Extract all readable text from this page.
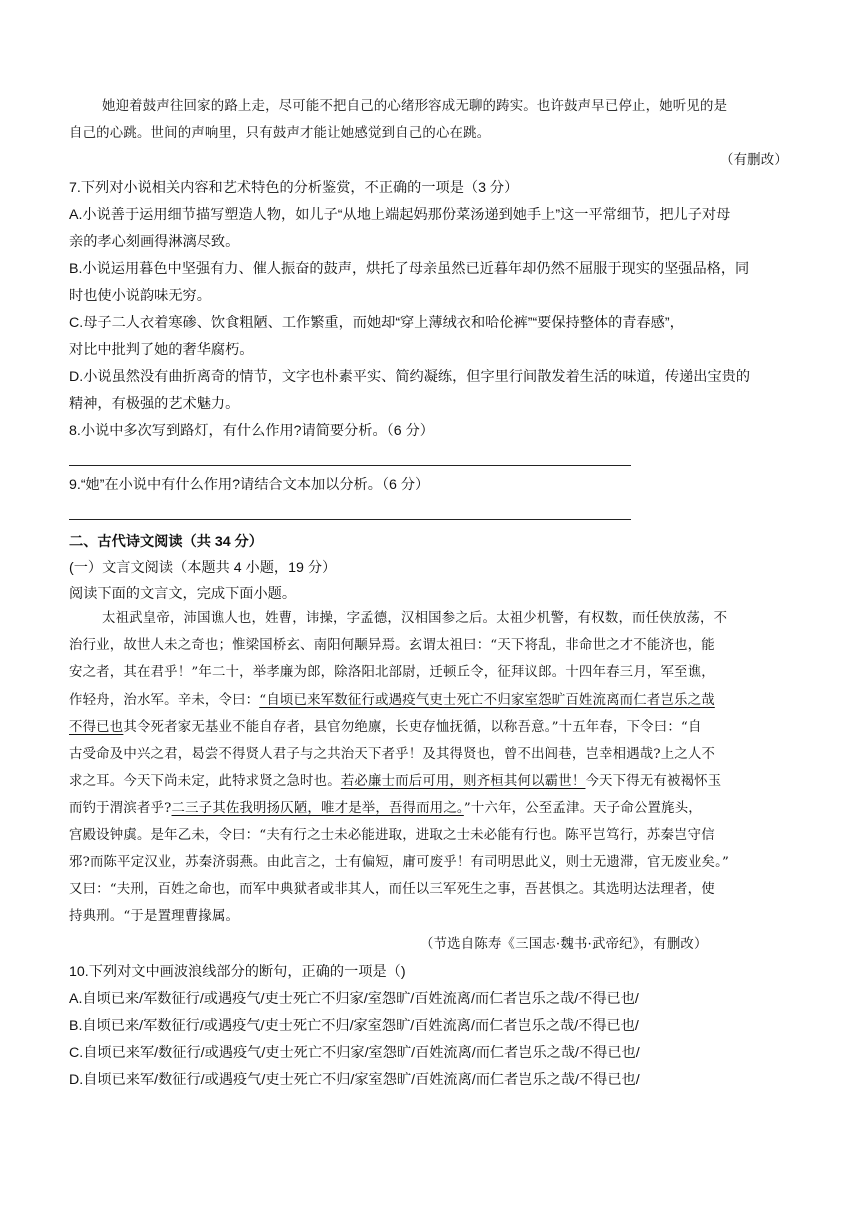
她迎着鼓声往回家的路上走，尽可能不把自己的心绪形容成无聊的踌实。也许鼓声早已停止，她听见的是
自己的心跳。世间的声响里，只有鼓声才能让她感觉到自己的心在跳。
（有删改）
7.下列对小说相关内容和艺术特色的分析鉴赏，不正确的一项是（3 分）
A.小说善于运用细节描写塑造人物，如儿子“从地上端起妈那份菜汤递到她手上”这一平常细节，把儿子对母
亲的孝心刻画得淋漓尽致。
B.小说运用暮色中坚强有力、催人振奋的鼓声，烘托了母亲虽然已近暮年却仍然不屈服于现实的坚强品格，同
时也使小说韵味无穷。
C.母子二人衣着寒碜、饮食粗陋、工作繁重，而她却“穿上薄绒衣和哈伦裤”“要保持整体的青春感”，
对比中批判了她的奢华腐朽。
D.小说虽然没有曲折离奇的情节，文字也朴素平实、简约凝练，但字里行间散发着生活的味道，传递出宝贵的
精神，有极强的艺术魅力。
8.小说中多次写到路灯，有什么作用?请简要分析。（6 分）
9.“她”在小说中有什么作用?请结合文本加以分析。（6 分）
二、古代诗文阅读（共 34 分）
(一）文言文阅读（本题共 4 小题，19 分）
阅读下面的文言文，完成下面小题。
太祖武皇帝，沛国谯人也，姓曹，讳操，字孟德，汉相国参之后。太祖少机警，有权数，而任侠放荡，不
治行业，故世人未之奇也；惟梁国桥玄、南阳何颙异焉。玄谓太祖曰：“天下将乱，非命世之才不能济也，能
安之者，其在君乎！”年二十，举孝廉为郎，除洛阳北部尉，迁顿丘令，征拜议郎。十四年春三月，军至谯，
作轻舟，治水军。辛未，令曰：“自顷已来军数征行或遇疫气吏士死亡不归家室怨旷百姓流离而仁者岂乐之哉
不得已也其令死者家无基业不能自存者，县官勿绝廪，长吏存恤抚循，以称吾意。”十五年春，下令曰：“自
古受命及中兴之君，曷尝不得贤人君子与之共治天下者乎！及其得贤也，曾不出闾巷，岂幸相遇哉?上之人不
求之耳。今天下尚未定，此特求贤之急时也。若必廉士而后可用，则齐桓其何以霸世！今天下得无有被褐怀玉
而钓于渭滨者乎?二三子其佐我明扬仄陋，唯才是举，吾得而用之。”十六年，公至孟津。天子命公置旄头，
宫殿设钟虡。是年乙未，令曰：“夫有行之士未必能进取，进取之士未必能有行也。陈平岂笃行，苏秦岂守信
邪?而陈平定汉业，苏秦济弱燕。由此言之，士有偏短，庸可废乎！有司明思此义，则士无遗滞，官无废业矣。”
又曰：“夫刑，百姓之命也，而军中典狱者或非其人，而任以三军死生之事，吾甚惧之。其选明达法理者，使
持典刑。“于是置理曹掾属。
（节选自陈寿《三国志·魏书·武帝纪》，有删改）
10.下列对文中画波浪线部分的断句，正确的一项是（)
A.自顷已来/军数征行/或遇疫气/吏士死亡不归家/室怨旷/百姓流离/而仁者岂乐之哉/不得已也/
B.自顷已来/军数征行/或遇疫气/吏士死亡不归/家室怨旷/百姓流离/而仁者岂乐之哉/不得已也/
C.自顷已来军/数征行/或遇疫气/吏士死亡不归家/室怨旷/百姓流离/而仁者岂乐之哉/不得已也/
D.自顷已来军/数征行/或遇疫气/吏士死亡不归/家室怨旷/百姓流离/而仁者岂乐之哉/不得已也/
